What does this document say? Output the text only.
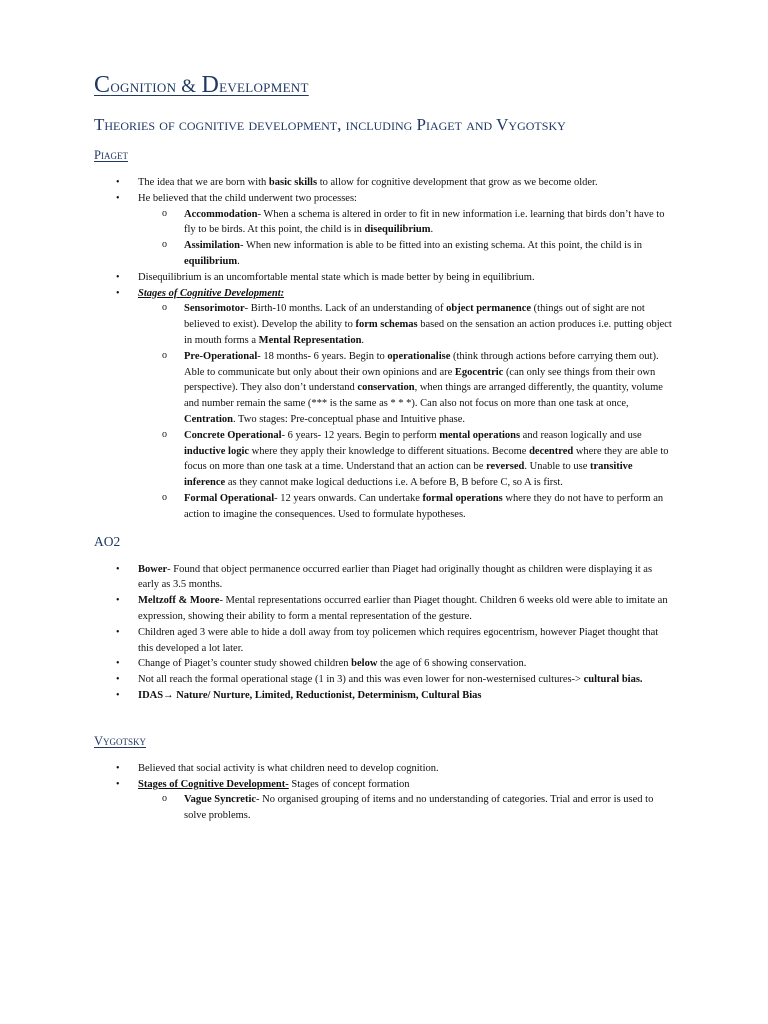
Cognition & Development
Theories of cognitive development, including Piaget and Vygotsky
Piaget
• The idea that we are born with basic skills to allow for cognitive development that grow as we become older.
• He believed that the child underwent two processes:
o Accommodation- When a schema is altered in order to fit in new information i.e. learning that birds don’t have to fly to be birds. At this point, the child is in disequilibrium.
o Assimilation- When new information is able to be fitted into an existing schema. At this point, the child is in equilibrium.
• Disequilibrium is an uncomfortable mental state which is made better by being in equilibrium.
• Stages of Cognitive Development:
o Sensorimotor- Birth-10 months. Lack of an understanding of object permanence (things out of sight are not believed to exist). Develop the ability to form schemas based on the sensation an action produces i.e. putting object in mouth forms a Mental Representation.
o Pre-Operational- 18 months- 6 years. Begin to operationalise (think through actions before carrying them out). Able to communicate but only about their own opinions and are Egocentric (can only see things from their own perspective). They also don’t understand conservation, when things are arranged differently, the quantity, volume and number remain the same (*** is the same as * * *). Can also not focus on more than one task at once, Centration. Two stages: Pre-conceptual phase and Intuitive phase.
o Concrete Operational- 6 years- 12 years. Begin to perform mental operations and reason logically and use inductive logic where they apply their knowledge to different situations. Become decentred where they are able to focus on more than one task at a time. Understand that an action can be reversed. Unable to use transitive inference as they cannot make logical deductions i.e. A before B, B before C, so A is first.
o Formal Operational- 12 years onwards. Can undertake formal operations where they do not have to perform an action to imagine the consequences. Used to formulate hypotheses.
AO2
• Bower- Found that object permanence occurred earlier than Piaget had originally thought as children were displaying it as early as 3.5 months.
• Meltzoff & Moore- Mental representations occurred earlier than Piaget thought. Children 6 weeks old were able to imitate an expression, showing their ability to form a mental representation of the gesture.
• Children aged 3 were able to hide a doll away from toy policemen which requires egocentrism, however Piaget thought that this developed a lot later.
• Change of Piaget’s counter study showed children below the age of 6 showing conservation.
• Not all reach the formal operational stage (1 in 3) and this was even lower for non-westernised cultures-> cultural bias.
• IDAS→ Nature/ Nurture, Limited, Reductionist, Determinism, Cultural Bias
Vygotsky
• Believed that social activity is what children need to develop cognition.
• Stages of Cognitive Development- Stages of concept formation
o Vague Syncretic- No organised grouping of items and no understanding of categories. Trial and error is used to solve problems.
